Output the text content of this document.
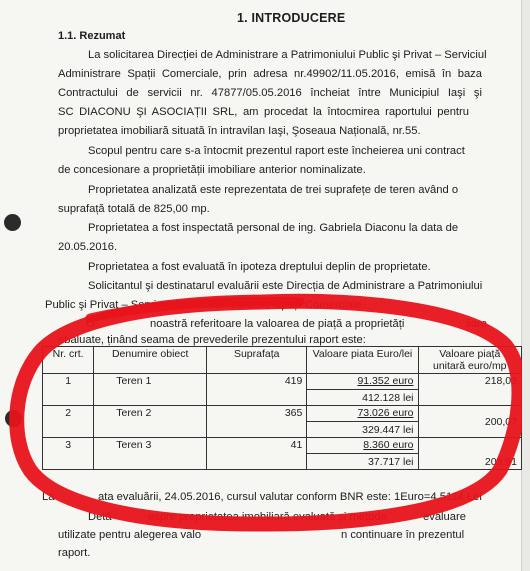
1. INTRODUCERE
1.1. Rezumat
La solicitarea Direcției de Administrare a Patrimoniului Public şi Privat – Serviciul
Administrare Spații Comerciale, prin adresa nr.49902/11.05.2016, emisă în baza
Contractului de servicii nr. 47877/05.05.2016 încheiat între Municipiul Iaşi şi
SC DIACONU ŞI ASOCIAȚII SRL, am procedat la întocmirea raportului pentru
proprietatea imobiliară situată în intravilan Iaşi, Şoseaua Națională, nr.55.
Scopul pentru care s-a întocmit prezentul raport este încheierea uni contract
de concesionare a proprietății imobiliare anterior nominalizate.
Proprietatea analizată este reprezentata de trei suprafețe de teren având o
suprafață totală de 825,00 mp.
Proprietatea a fost inspectată personal de ing. Gabriela Diaconu la data de
20.05.2016.
Proprietatea a fost evaluată în ipoteza dreptului deplin de proprietate.
Solicitantul şi destinatarul evaluării este Direcția de Administrare a Patrimoniului
Public şi Privat – Servi	Administrare Spații Comerciale.
O	noastră referitoare la valoarea de piață a proprietăți	liare
ebaluate, ținând seama de prevederile prezentului raport este:
Nr. crt.	Denumire obiect	Suprafața	Valoare piata Euro/lei	Valoare piață unitară euro/mp
1	Teren 1	419	91.352 euro
412.128 lei	218,03
2	Teren 2	365	73.026 euro
329.447 lei	200,07
3	Teren 3	41	8.360 euro
37.717 lei	203,91
La	ata evaluării, 24.05.2016, cursul valutar conform BNR este: 1Euro=4,5114 Lei
Detă	espre proprietatea imobiliară evaluată şi metode	evaluare
utilizate pentru alegerea valo	n continuare în prezentul
raport.
